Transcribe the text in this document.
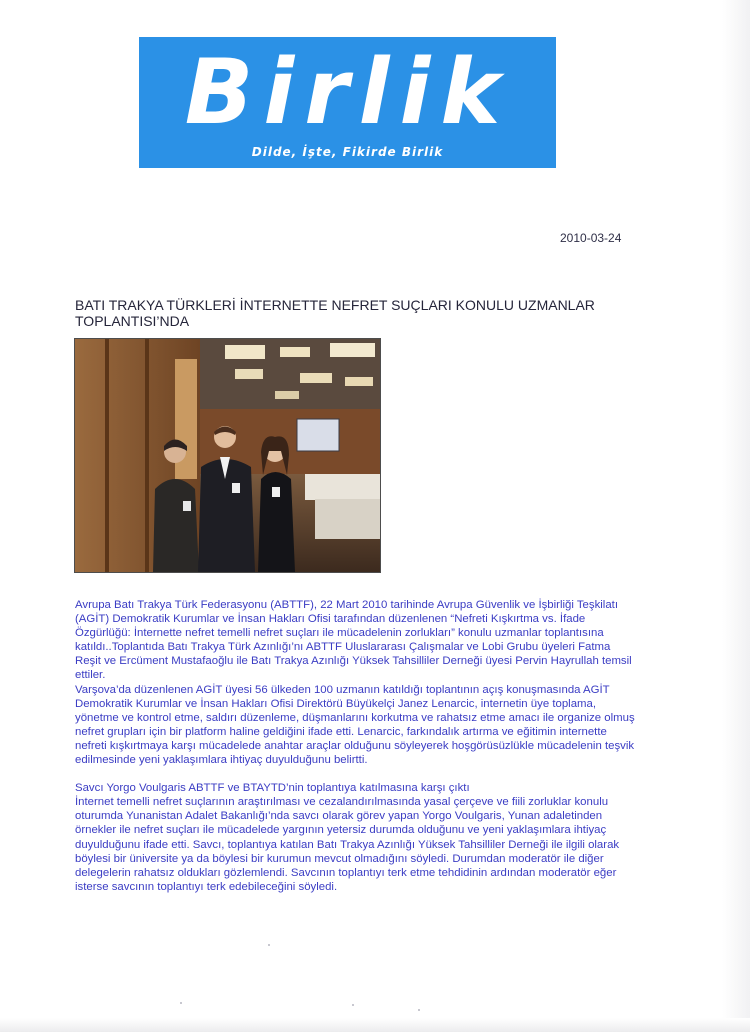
Birlik
Dilde, İşte, Fikirde Birlik
2010-03-24
BATI TRAKYA TÜRKLERİ İNTERNETTE NEFRET SUÇLARI KONULU UZMANLAR TOPLANTISI’NDA

Avrupa Batı Trakya Türk Federasyonu (ABTTF), 22 Mart 2010 tarihinde Avrupa Güvenlik ve İşbirliği Teşkilatı (AGİT) Demokratik Kurumlar ve İnsan Hakları Ofisi tarafından düzenlenen “Nefreti Kışkırtma vs. İfade Özgürlüğü: İnternette nefret temelli nefret suçları ile mücadelenin zorlukları” konulu uzmanlar toplantısına katıldı..Toplantıda Batı Trakya Türk Azınlığı’nı ABTTF Uluslararası Çalışmalar ve Lobi Grubu üyeleri Fatma Reşit ve Ercüment Mustafaoğlu ile Batı Trakya Azınlığı Yüksek Tahsilliler Derneği üyesi Pervin Hayrullah temsil ettiler.

Varşova’da düzenlenen AGİT üyesi 56 ülkeden 100 uzmanın katıldığı toplantının açış konuşmasında AGİT Demokratik Kurumlar ve İnsan Hakları Ofisi Direktörü Büyükelçi Janez Lenarcic, internetin üye toplama, yönetme ve kontrol etme, saldırı düzenleme, düşmanlarını korkutma ve rahatsız etme amacı ile organize olmuş nefret grupları için bir platform haline geldiğini ifade etti. Lenarcic, farkındalık artırma ve eğitimin internette nefreti kışkırtmaya karşı mücadelede anahtar araçlar olduğunu söyleyerek hoşgörüsüzlükle mücadelenin teşvik edilmesinde yeni yaklaşımlara ihtiyaç duyulduğunu belirtti.

Savcı Yorgo Voulgaris ABTTF ve BTAYTD’nin toplantıya katılmasına karşı çıktı

İnternet temelli nefret suçlarının araştırılması ve cezalandırılmasında yasal çerçeve ve fiili zorluklar konulu oturumda Yunanistan Adalet Bakanlığı’nda savcı olarak görev yapan Yorgo Voulgaris, Yunan adaletinden örnekler ile nefret suçları ile mücadelede yargının yetersiz durumda olduğunu ve yeni yaklaşımlara ihtiyaç duyulduğunu ifade etti. Savcı, toplantıya katılan Batı Trakya Azınlığı Yüksek Tahsilliler Derneği ile ilgili olarak böylesi bir üniversite ya da böylesi bir kurumun mevcut olmadığını söyledi. Durumdan moderatör ile diğer delegelerin rahatsız oldukları gözlemlendi. Savcının toplantıyı terk etme tehdidinin ardından moderatör eğer isterse savcının toplantıyı terk edebileceğini söyledi.
